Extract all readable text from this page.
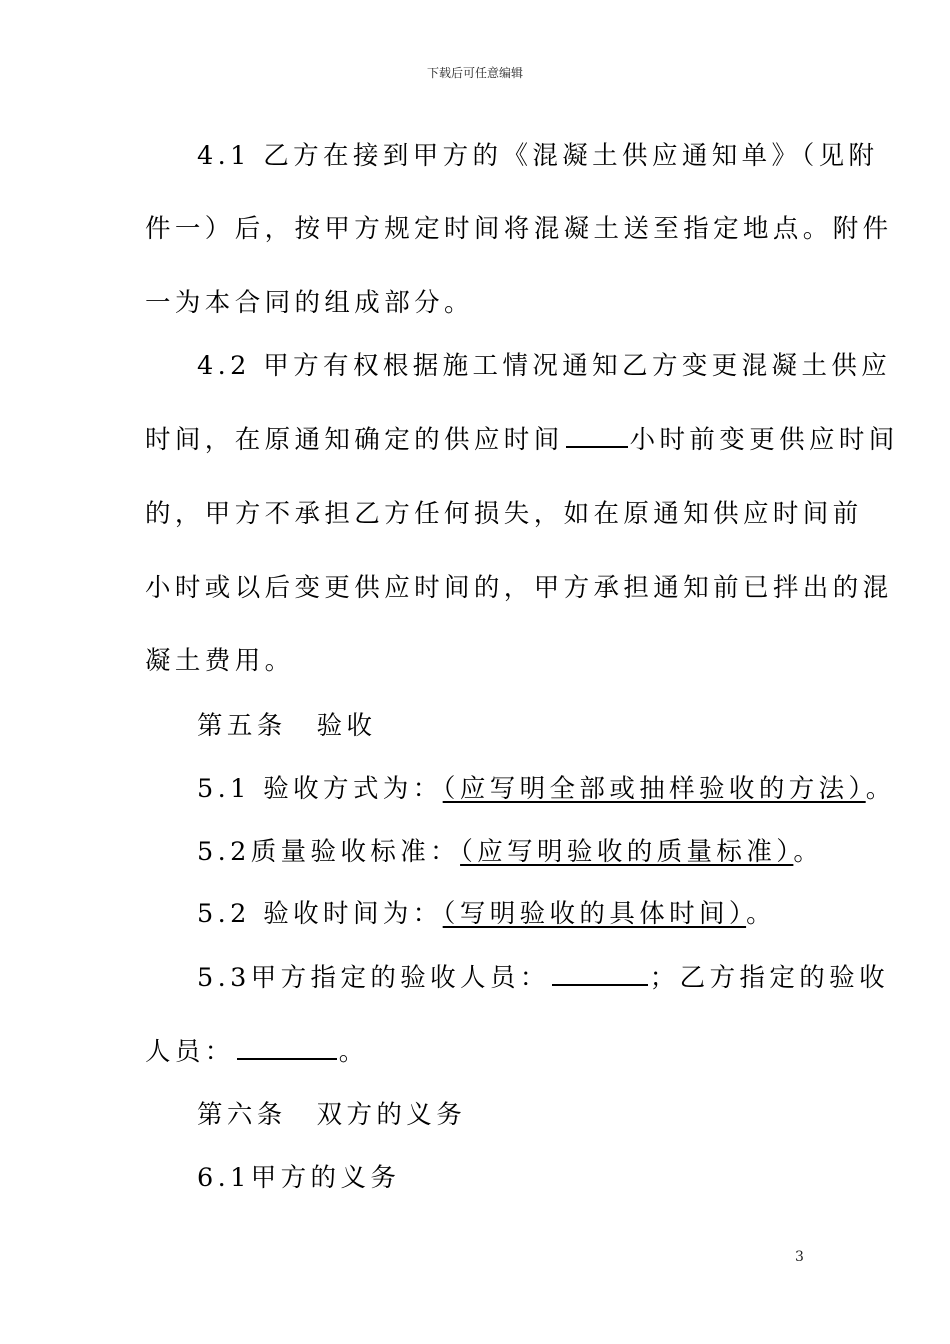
下载后可任意编辑
4.1 乙方在接到甲方的《混凝土供应通知单》（见附
件一）后，按甲方规定时间将混凝土送至指定地点。附件
一为本合同的组成部分。
4.2 甲方有权根据施工情况通知乙方变更混凝土供应
时间，在原通知确定的供应时间	小时前变更供应时间
的，甲方不承担乙方任何损失，如在原通知供应时间前
小时或以后变更供应时间的，甲方承担通知前已拌出的混
凝土费用。
第五条　验收
5.1 验收方式为：（应写明全部或抽样验收的方法）。
5.2质量验收标准：（应写明验收的质量标准）。
5.2 验收时间为：（写明验收的具体时间）。
5.3甲方指定的验收人员：	；乙方指定的验收
人员：	。
第六条　双方的义务
6.1甲方的义务
3
